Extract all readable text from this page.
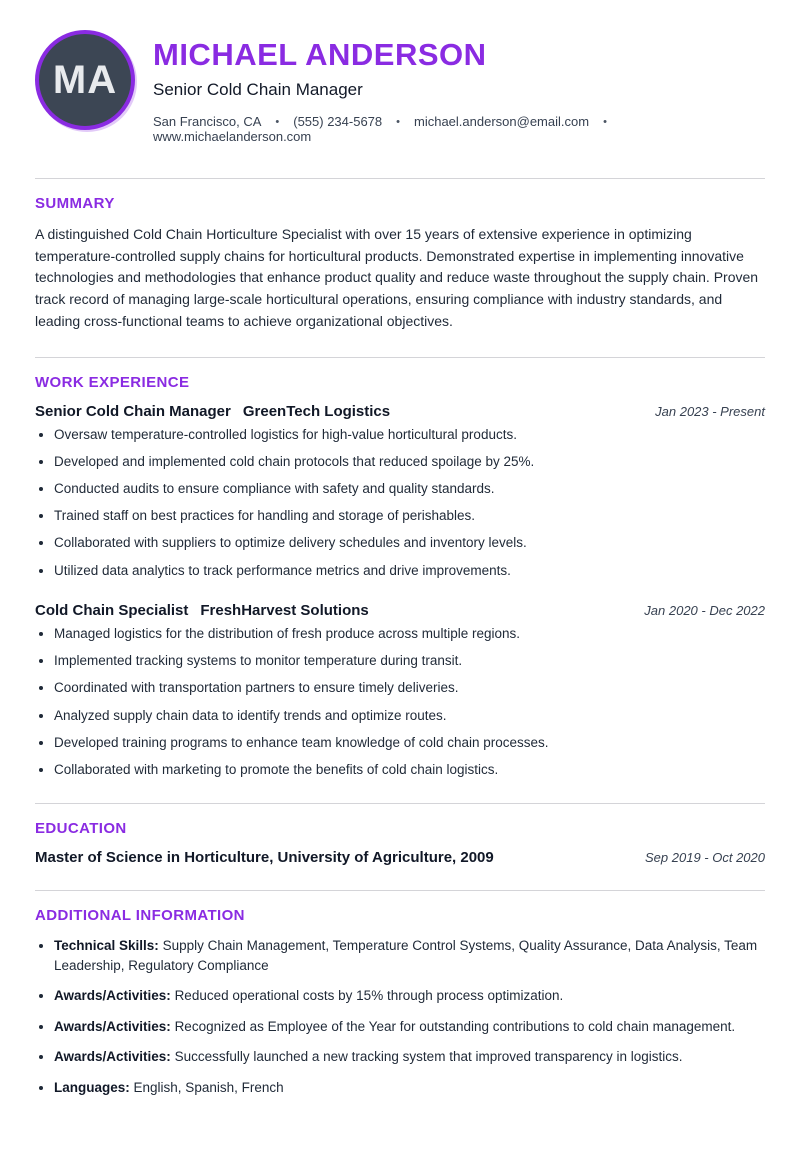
MA
MICHAEL ANDERSON

Senior Cold Chain Manager

San Francisco, CA • (555) 234-5678 • michael.anderson@email.com •
www.michaelanderson.com
SUMMARY

A distinguished Cold Chain Horticulture Specialist with over 15 years of extensive experience in optimizing temperature-controlled supply chains for horticultural products. Demonstrated expertise in implementing innovative technologies and methodologies that enhance product quality and reduce waste throughout the supply chain. Proven track record of managing large-scale horticultural operations, ensuring compliance with industry standards, and leading cross-functional teams to achieve organizational objectives.

WORK EXPERIENCE
Senior Cold Chain Manager GreenTech Logistics	Jan 2023 - Present
• Oversaw temperature-controlled logistics for high-value horticultural products.
• Developed and implemented cold chain protocols that reduced spoilage by 25%.
• Conducted audits to ensure compliance with safety and quality standards.
• Trained staff on best practices for handling and storage of perishables.
• Collaborated with suppliers to optimize delivery schedules and inventory levels.
• Utilized data analytics to track performance metrics and drive improvements.
Cold Chain Specialist FreshHarvest Solutions	Jan 2020 - Dec 2022
• Managed logistics for the distribution of fresh produce across multiple regions.
• Implemented tracking systems to monitor temperature during transit.
• Coordinated with transportation partners to ensure timely deliveries.
• Analyzed supply chain data to identify trends and optimize routes.
• Developed training programs to enhance team knowledge of cold chain processes.
• Collaborated with marketing to promote the benefits of cold chain logistics.
EDUCATION
Master of Science in Horticulture, University of Agriculture, 2009	Sep 2019 - Oct 2020
ADDITIONAL INFORMATION
• Technical Skills: Supply Chain Management, Temperature Control Systems, Quality Assurance, Data Analysis, Team Leadership, Regulatory Compliance
• Awards/Activities: Reduced operational costs by 15% through process optimization.
• Awards/Activities: Recognized as Employee of the Year for outstanding contributions to cold chain management.
• Awards/Activities: Successfully launched a new tracking system that improved transparency in logistics.
• Languages: English, Spanish, French
